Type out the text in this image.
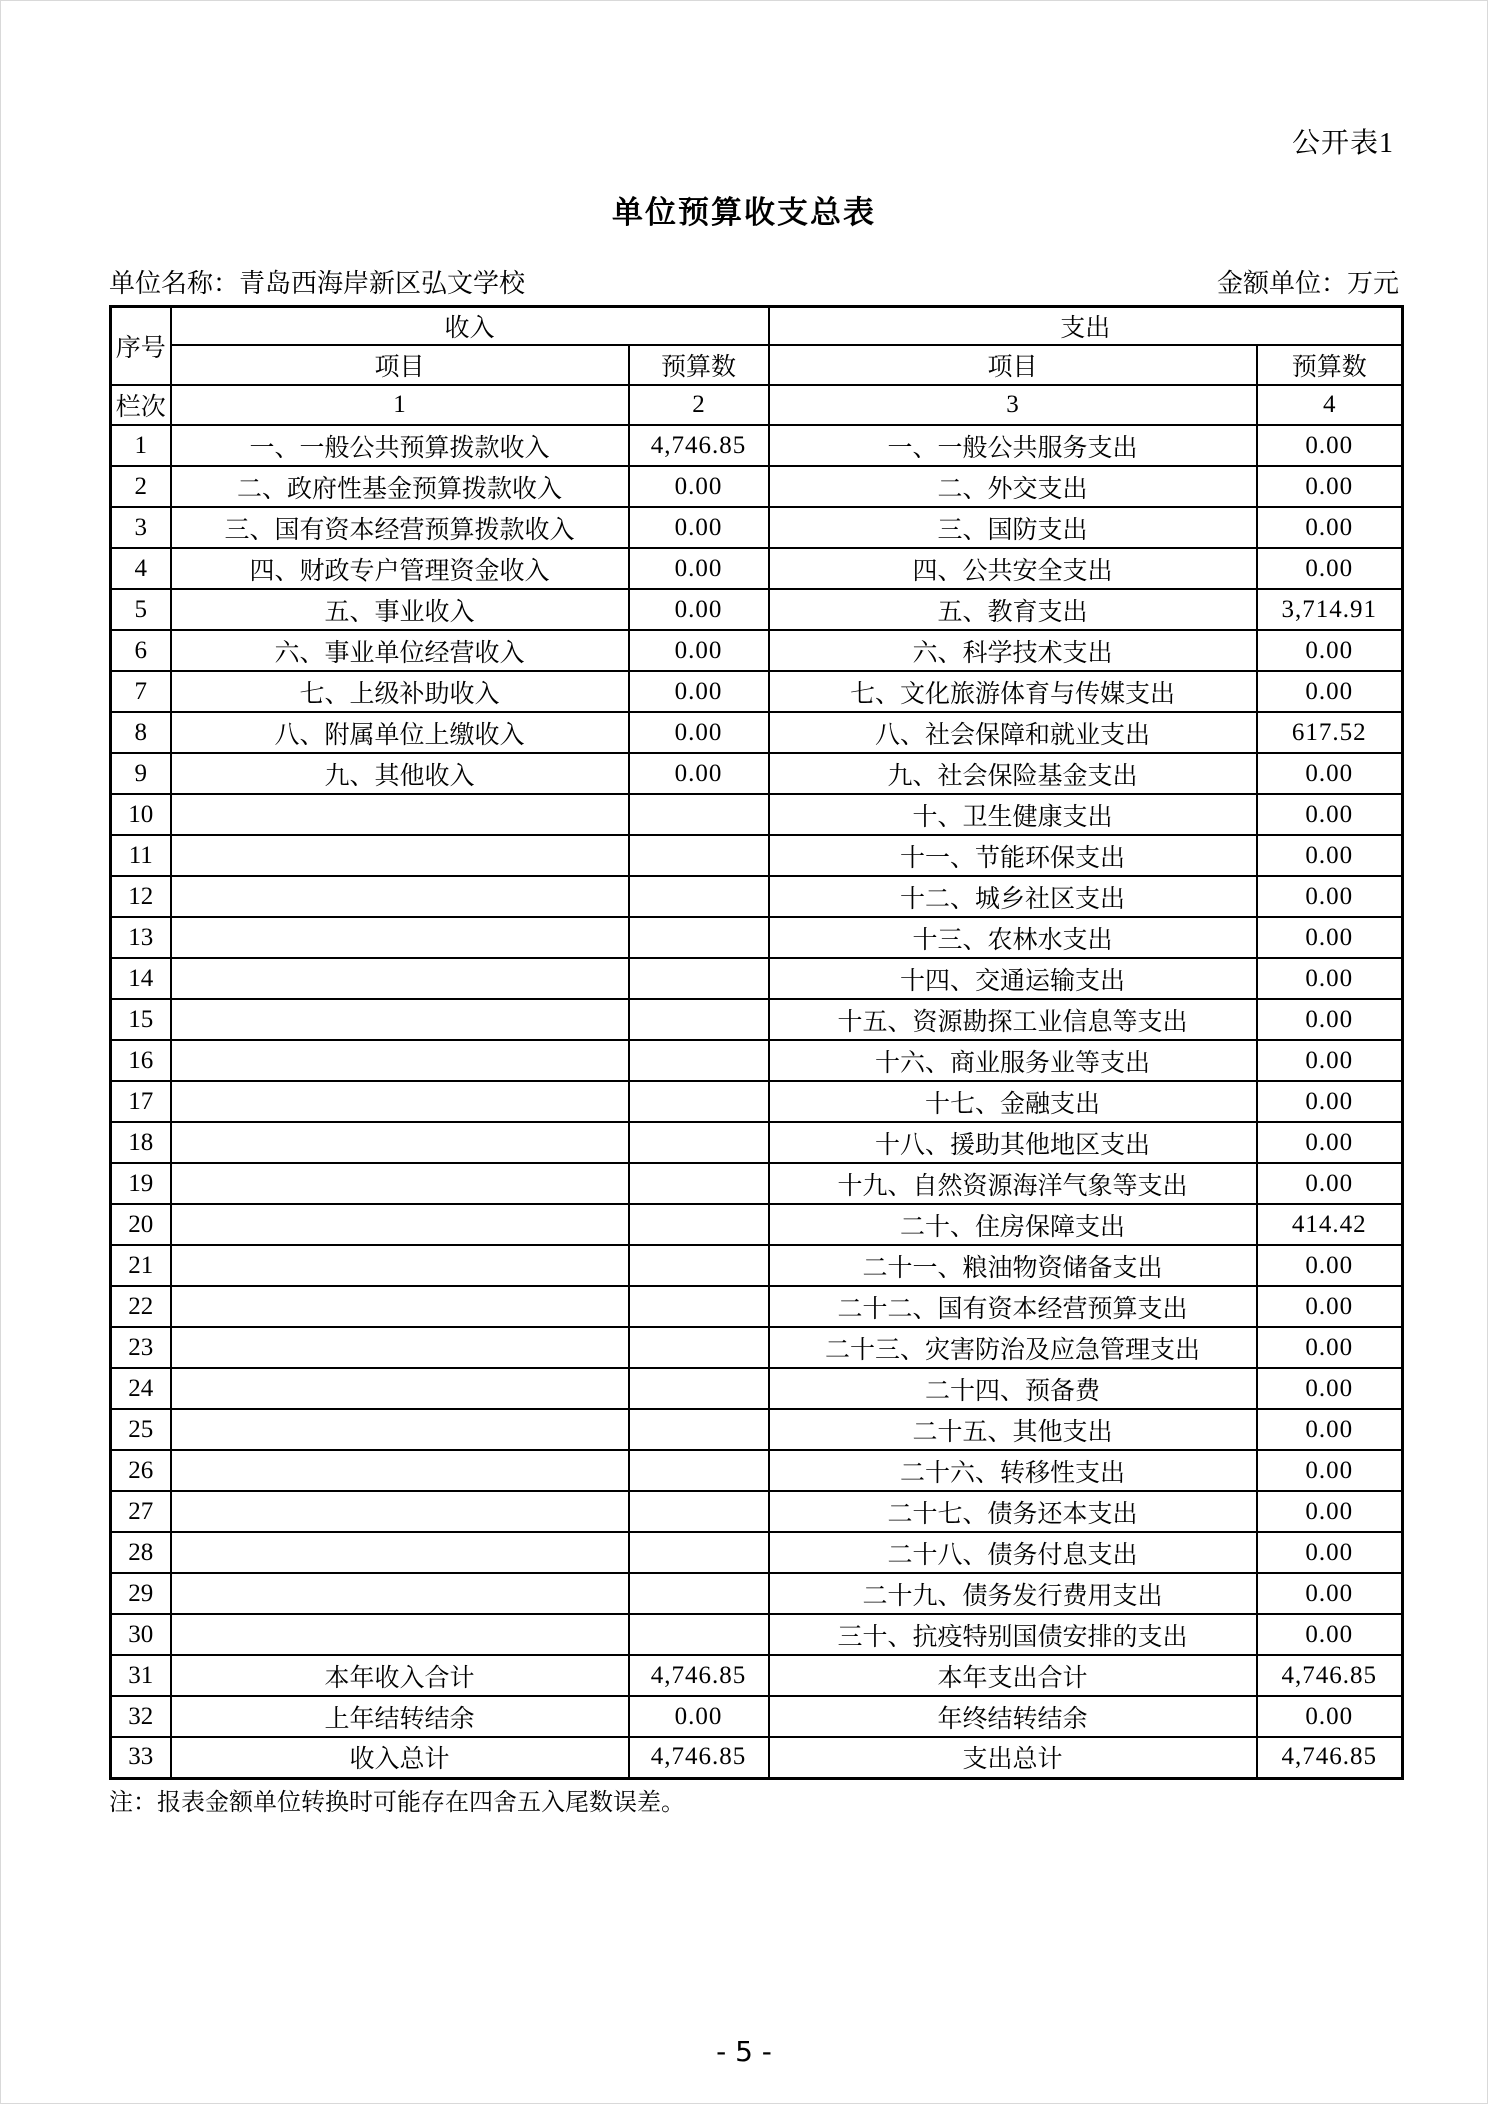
公开表1
单位预算收支总表
单位名称：青岛西海岸新区弘文学校	金额单位：万元
序号	收入		支出	
	项目	预算数	项目	预算数
栏次	1	2	3	4
1	一、一般公共预算拨款收入	4,746.85	一、一般公共服务支出	0.00
2	二、政府性基金预算拨款收入	0.00	二、外交支出	0.00
3	三、国有资本经营预算拨款收入	0.00	三、国防支出	0.00
4	四、财政专户管理资金收入	0.00	四、公共安全支出	0.00
5	五、事业收入	0.00	五、教育支出	3,714.91
6	六、事业单位经营收入	0.00	六、科学技术支出	0.00
7	七、上级补助收入	0.00	七、文化旅游体育与传媒支出	0.00
8	八、附属单位上缴收入	0.00	八、社会保障和就业支出	617.52
9	九、其他收入	0.00	九、社会保险基金支出	0.00
10			十、卫生健康支出	0.00
11			十一、节能环保支出	0.00
12			十二、城乡社区支出	0.00
13			十三、农林水支出	0.00
14			十四、交通运输支出	0.00
15			十五、资源勘探工业信息等支出	0.00
16			十六、商业服务业等支出	0.00
17			十七、金融支出	0.00
18			十八、援助其他地区支出	0.00
19			十九、自然资源海洋气象等支出	0.00
20			二十、住房保障支出	414.42
21			二十一、粮油物资储备支出	0.00
22			二十二、国有资本经营预算支出	0.00
23			二十三、灾害防治及应急管理支出	0.00
24			二十四、预备费	0.00
25			二十五、其他支出	0.00
26			二十六、转移性支出	0.00
27			二十七、债务还本支出	0.00
28			二十八、债务付息支出	0.00
29			二十九、债务发行费用支出	0.00
30			三十、抗疫特别国债安排的支出	0.00
31	本年收入合计	4,746.85	本年支出合计	4,746.85
32	上年结转结余	0.00	年终结转结余	0.00
33	收入总计	4,746.85	支出总计	4,746.85
注：报表金额单位转换时可能存在四舍五入尾数误差。
- 5 -
